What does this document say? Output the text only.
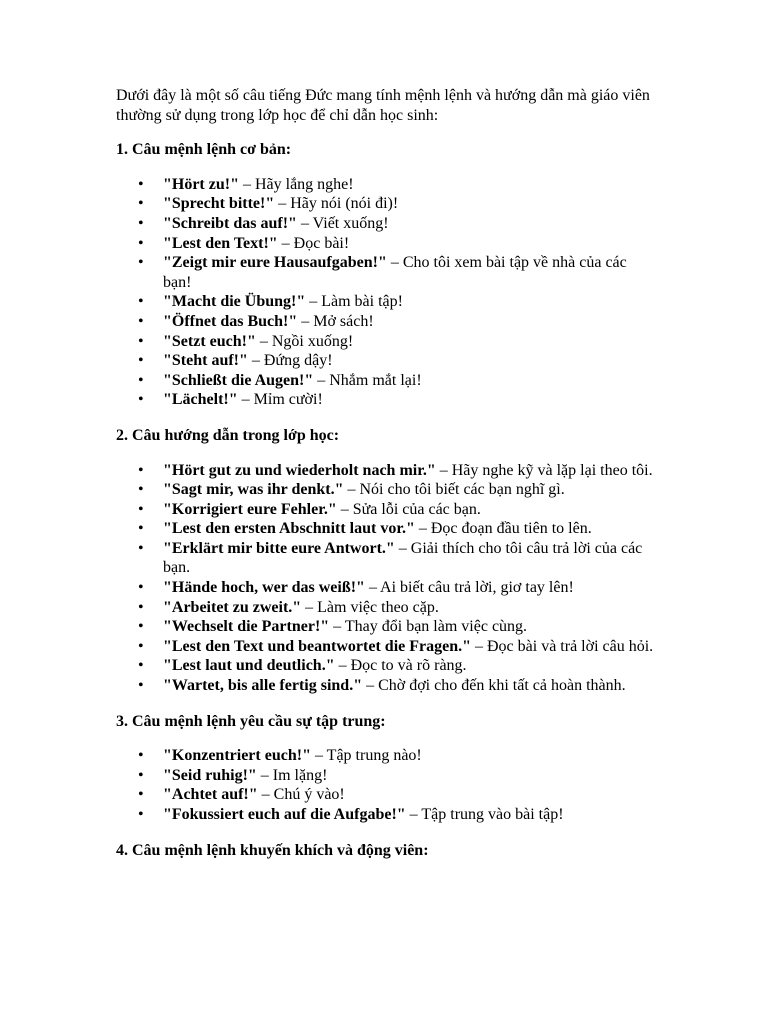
Dưới đây là một số câu tiếng Đức mang tính mệnh lệnh và hướng dẫn mà giáo viên thường sử dụng trong lớp học để chỉ dẫn học sinh:

1. Câu mệnh lệnh cơ bản:

• "Hört zu!" – Hãy lắng nghe!
• "Sprecht bitte!" – Hãy nói (nói đi)!
• "Schreibt das auf!" – Viết xuống!
• "Lest den Text!" – Đọc bài!
• "Zeigt mir eure Hausaufgaben!" – Cho tôi xem bài tập về nhà của các bạn!
• "Macht die Übung!" – Làm bài tập!
• "Öffnet das Buch!" – Mở sách!
• "Setzt euch!" – Ngồi xuống!
• "Steht auf!" – Đứng dậy!
• "Schließt die Augen!" – Nhắm mắt lại!
• "Lächelt!" – Mỉm cười!

2. Câu hướng dẫn trong lớp học:

• "Hört gut zu und wiederholt nach mir." – Hãy nghe kỹ và lặp lại theo tôi.
• "Sagt mir, was ihr denkt." – Nói cho tôi biết các bạn nghĩ gì.
• "Korrigiert eure Fehler." – Sửa lỗi của các bạn.
• "Lest den ersten Abschnitt laut vor." – Đọc đoạn đầu tiên to lên.
• "Erklärt mir bitte eure Antwort." – Giải thích cho tôi câu trả lời của các bạn.
• "Hände hoch, wer das weiß!" – Ai biết câu trả lời, giơ tay lên!
• "Arbeitet zu zweit." – Làm việc theo cặp.
• "Wechselt die Partner!" – Thay đổi bạn làm việc cùng.
• "Lest den Text und beantwortet die Fragen." – Đọc bài và trả lời câu hỏi.
• "Lest laut und deutlich." – Đọc to và rõ ràng.
• "Wartet, bis alle fertig sind." – Chờ đợi cho đến khi tất cả hoàn thành.

3. Câu mệnh lệnh yêu cầu sự tập trung:

• "Konzentriert euch!" – Tập trung nào!
• "Seid ruhig!" – Im lặng!
• "Achtet auf!" – Chú ý vào!
• "Fokussiert euch auf die Aufgabe!" – Tập trung vào bài tập!

4. Câu mệnh lệnh khuyến khích và động viên:
